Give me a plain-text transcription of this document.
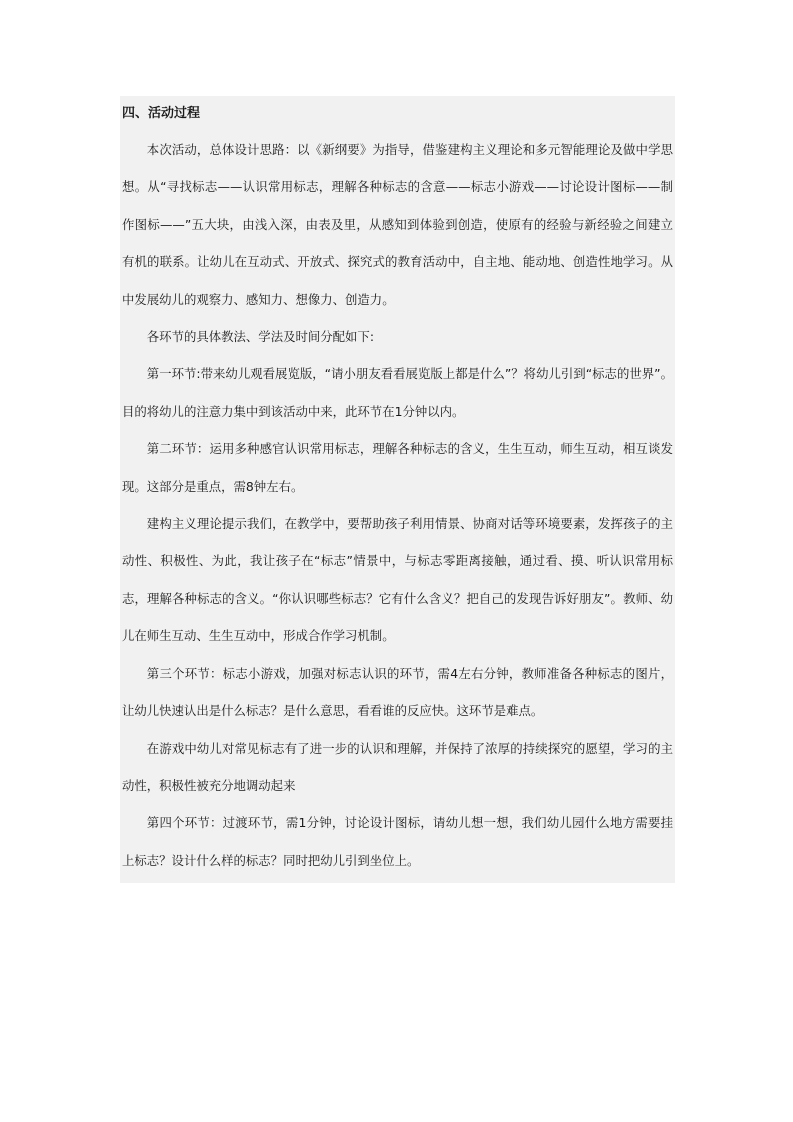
四、活动过程

本次活动，总体设计思路：以《新纲要》为指导，借鉴建构主义理论和多元智能理论及做中学思想。从“寻找标志——认识常用标志，理解各种标志的含意——标志小游戏——讨论设计图标——制作图标——”五大块，由浅入深，由表及里，从感知到体验到创造，使原有的经验与新经验之间建立有机的联系。让幼儿在互动式、开放式、探究式的教育活动中，自主地、能动地、创造性地学习。从中发展幼儿的观察力、感知力、想像力、创造力。

各环节的具体教法、学法及时间分配如下:

第一环节:带来幼儿观看展览版，“请小朋友看看展览版上都是什么”？将幼儿引到“标志的世界”。目的将幼儿的注意力集中到该活动中来，此环节在1分钟以内。

第二环节：运用多种感官认识常用标志，理解各种标志的含义，生生互动，师生互动，相互谈发现。这部分是重点，需8钟左右。

建构主义理论提示我们，在教学中，要帮助孩子利用情景、协商对话等环境要素，发挥孩子的主动性、积极性、为此，我让孩子在“标志”情景中，与标志零距离接触，通过看、摸、听认识常用标志，理解各种标志的含义。“你认识哪些标志？它有什么含义？把自己的发现告诉好朋友”。教师、幼儿在师生互动、生生互动中，形成合作学习机制。

第三个环节：标志小游戏，加强对标志认识的环节，需4左右分钟，教师准备各种标志的图片，让幼儿快速认出是什么标志？是什么意思，看看谁的反应快。这环节是难点。

在游戏中幼儿对常见标志有了进一步的认识和理解，并保持了浓厚的持续探究的愿望，学习的主动性，积极性被充分地调动起来

第四个环节：过渡环节，需1分钟，讨论设计图标，请幼儿想一想，我们幼儿园什么地方需要挂上标志？设计什么样的标志？同时把幼儿引到坐位上。
